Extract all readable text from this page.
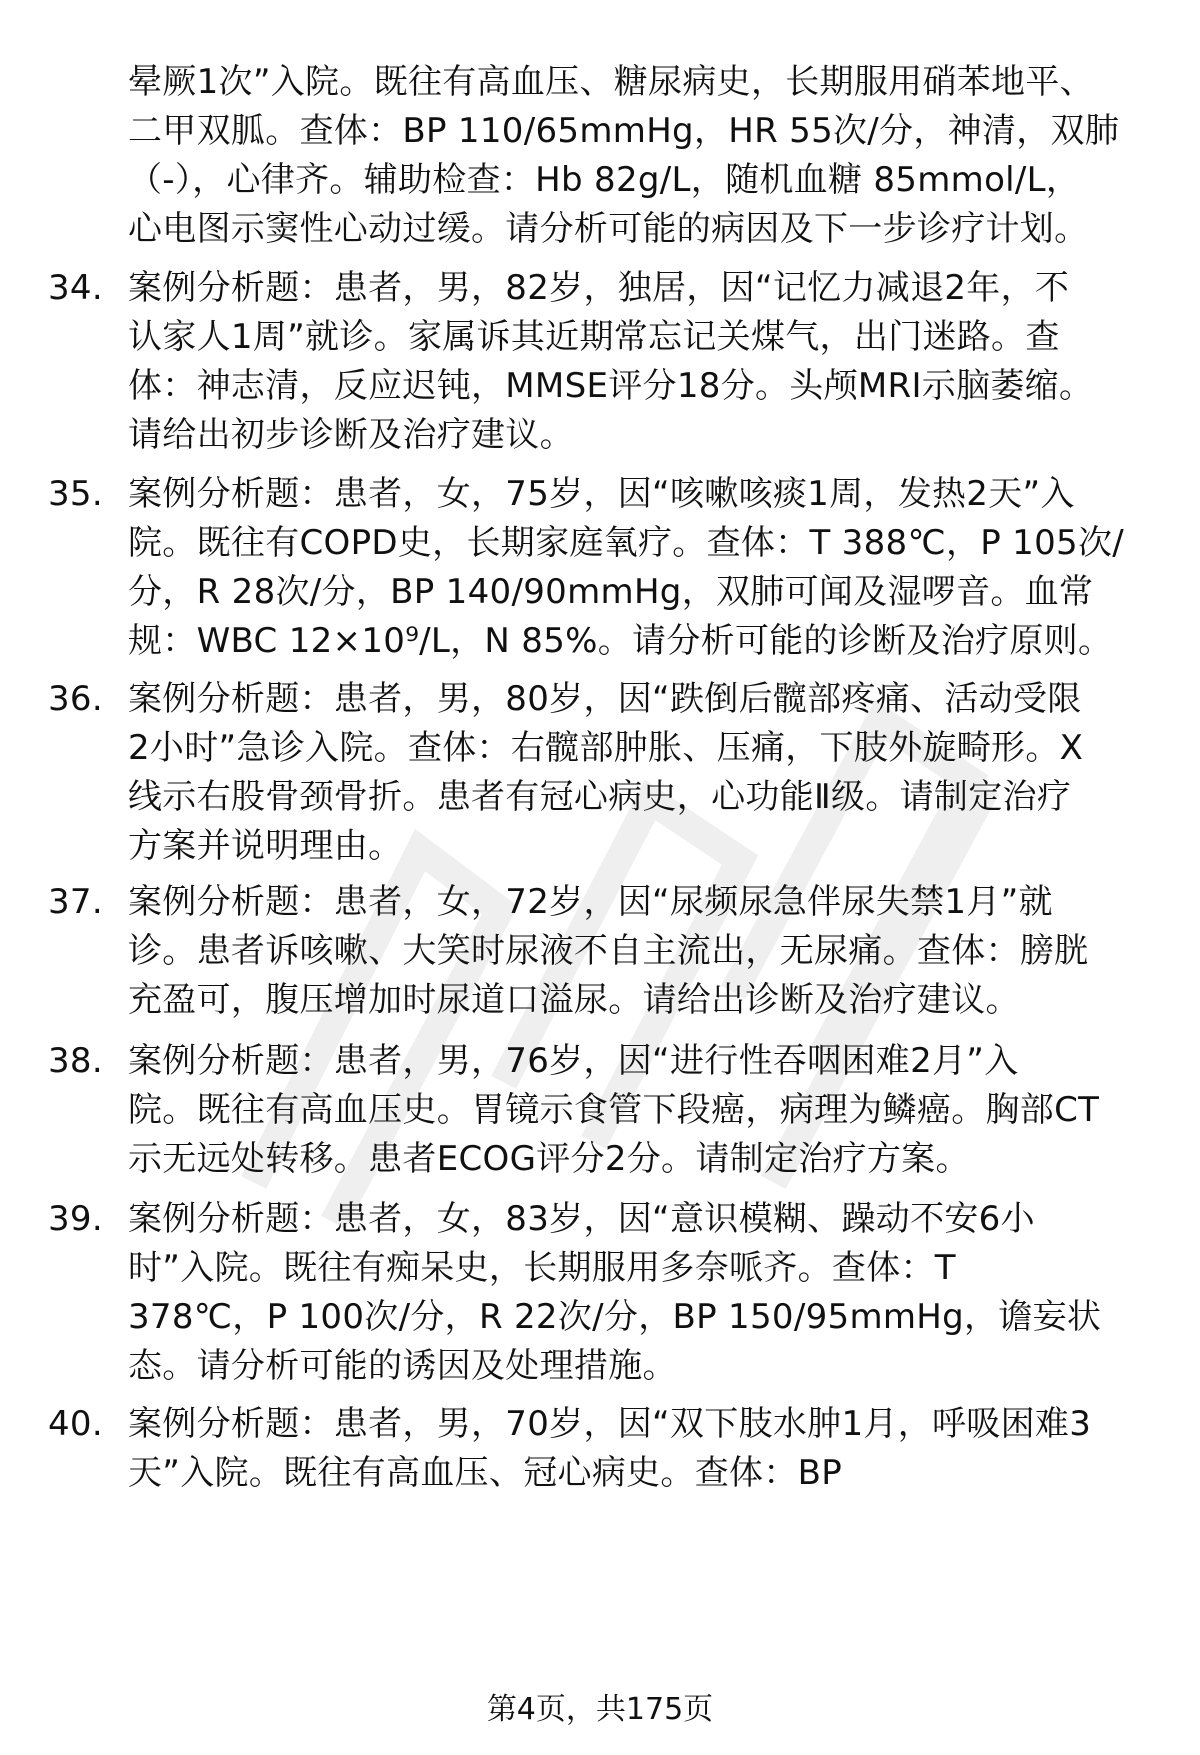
晕厥1次”入院。既往有高血压、糖尿病史，长期服用硝苯地平、
二甲双胍。查体：BP 110/65mmHg，HR 55次/分，神清，双肺
（-），心律齐。辅助检查：Hb 82g/L，随机血糖 85mmol/L，
心电图示窦性心动过缓。请分析可能的病因及下一步诊疗计划。
34. 案例分析题：患者，男，82岁，独居，因“记忆力减退2年，不
认家人1周”就诊。家属诉其近期常忘记关煤气，出门迷路。查
体：神志清，反应迟钝，MMSE评分18分。头颅MRI示脑萎缩。
请给出初步诊断及治疗建议。
35. 案例分析题：患者，女，75岁，因“咳嗽咳痰1周，发热2天”入
院。既往有COPD史，长期家庭氧疗。查体：T 388℃，P 105次/
分，R 28次/分，BP 140/90mmHg，双肺可闻及湿啰音。血常
规：WBC 12×10⁹/L，N 85%。请分析可能的诊断及治疗原则。
36. 案例分析题：患者，男，80岁，因“跌倒后髋部疼痛、活动受限
2小时”急诊入院。查体：右髋部肿胀、压痛，下肢外旋畸形。X
线示右股骨颈骨折。患者有冠心病史，心功能Ⅱ级。请制定治疗
方案并说明理由。
37. 案例分析题：患者，女，72岁，因“尿频尿急伴尿失禁1月”就
诊。患者诉咳嗽、大笑时尿液不自主流出，无尿痛。查体：膀胱
充盈可，腹压增加时尿道口溢尿。请给出诊断及治疗建议。
38. 案例分析题：患者，男，76岁，因“进行性吞咽困难2月”入
院。既往有高血压史。胃镜示食管下段癌，病理为鳞癌。胸部CT
示无远处转移。患者ECOG评分2分。请制定治疗方案。
39. 案例分析题：患者，女，83岁，因“意识模糊、躁动不安6小
时”入院。既往有痴呆史，长期服用多奈哌齐。查体：T
378℃，P 100次/分，R 22次/分，BP 150/95mmHg，谵妄状
态。请分析可能的诱因及处理措施。
40. 案例分析题：患者，男，70岁，因“双下肢水肿1月，呼吸困难3
天”入院。既往有高血压、冠心病史。查体：BP
第4页，共175页
